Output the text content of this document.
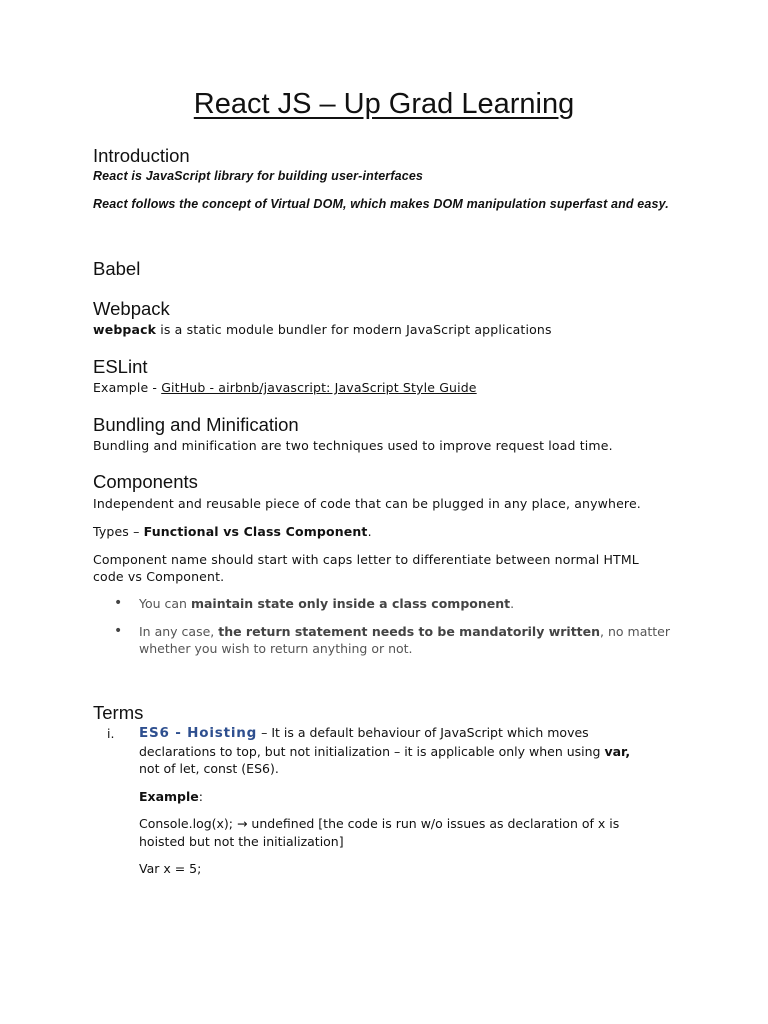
React JS – Up Grad Learning
Introduction
React is JavaScript library for building user-interfaces
React follows the concept of Virtual DOM, which makes DOM manipulation superfast and easy.
Babel
Webpack
webpack is a static module bundler for modern JavaScript applications
ESLint
Example - GitHub - airbnb/javascript: JavaScript Style Guide
Bundling and Minification
Bundling and minification are two techniques used to improve request load time.
Components
Independent and reusable piece of code that can be plugged in any place, anywhere.
Types – Functional vs Class Component.
Component name should start with caps letter to differentiate between normal HTML
code vs Component.
• You can maintain state only inside a class component.
• In any case, the return statement needs to be mandatorily written, no matter
whether you wish to return anything or not.
Terms
i. ES6 - Hoisting – It is a default behaviour of JavaScript which moves
declarations to top, but not initialization – it is applicable only when using var,
not of let, const (ES6).
Example:
Console.log(x); → undefined [the code is run w/o issues as declaration of x is
hoisted but not the initialization]
Var x = 5;
